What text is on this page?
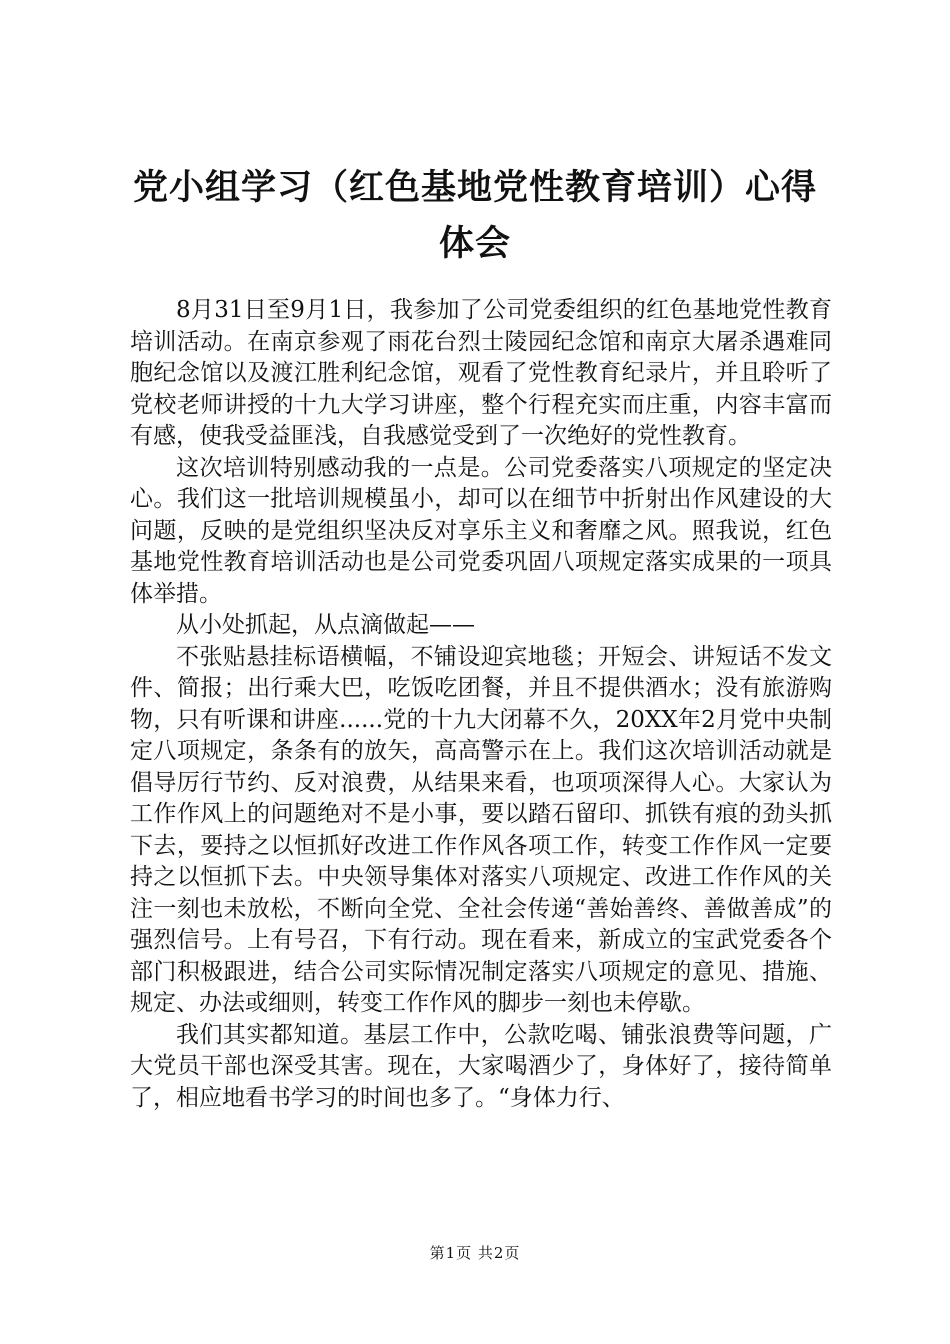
党小组学习（红色基地党性教育培训）心得体会

8月31日至9月1日，我参加了公司党委组织的红色基地党性教育培训活动。在南京参观了雨花台烈士陵园纪念馆和南京大屠杀遇难同胞纪念馆以及渡江胜利纪念馆，观看了党性教育纪录片，并且聆听了党校老师讲授的十九大学习讲座，整个行程充实而庄重，内容丰富而有感，使我受益匪浅，自我感觉受到了一次绝好的党性教育。

这次培训特别感动我的一点是。公司党委落实八项规定的坚定决心。我们这一批培训规模虽小，却可以在细节中折射出作风建设的大问题，反映的是党组织坚决反对享乐主义和奢靡之风。照我说，红色基地党性教育培训活动也是公司党委巩固八项规定落实成果的一项具体举措。

从小处抓起，从点滴做起——

不张贴悬挂标语横幅，不铺设迎宾地毯；开短会、讲短话不发文件、简报；出行乘大巴，吃饭吃团餐，并且不提供酒水；没有旅游购物，只有听课和讲座......党的十九大闭幕不久，20XX年2月党中央制定八项规定，条条有的放矢，高高警示在上。我们这次培训活动就是倡导厉行节约、反对浪费，从结果来看，也项项深得人心。大家认为工作作风上的问题绝对不是小事，要以踏石留印、抓铁有痕的劲头抓下去，要持之以恒抓好改进工作作风各项工作，转变工作作风一定要持之以恒抓下去。中央领导集体对落实八项规定、改进工作作风的关注一刻也未放松，不断向全党、全社会传递“善始善终、善做善成”的强烈信号。上有号召，下有行动。现在看来，新成立的宝武党委各个部门积极跟进，结合公司实际情况制定落实八项规定的意见、措施、规定、办法或细则，转变工作作风的脚步一刻也未停歇。

我们其实都知道。基层工作中，公款吃喝、铺张浪费等问题，广大党员干部也深受其害。现在，大家喝酒少了，身体好了，接待简单了，相应地看书学习的时间也多了。“身体力行、

第1页 共2页
